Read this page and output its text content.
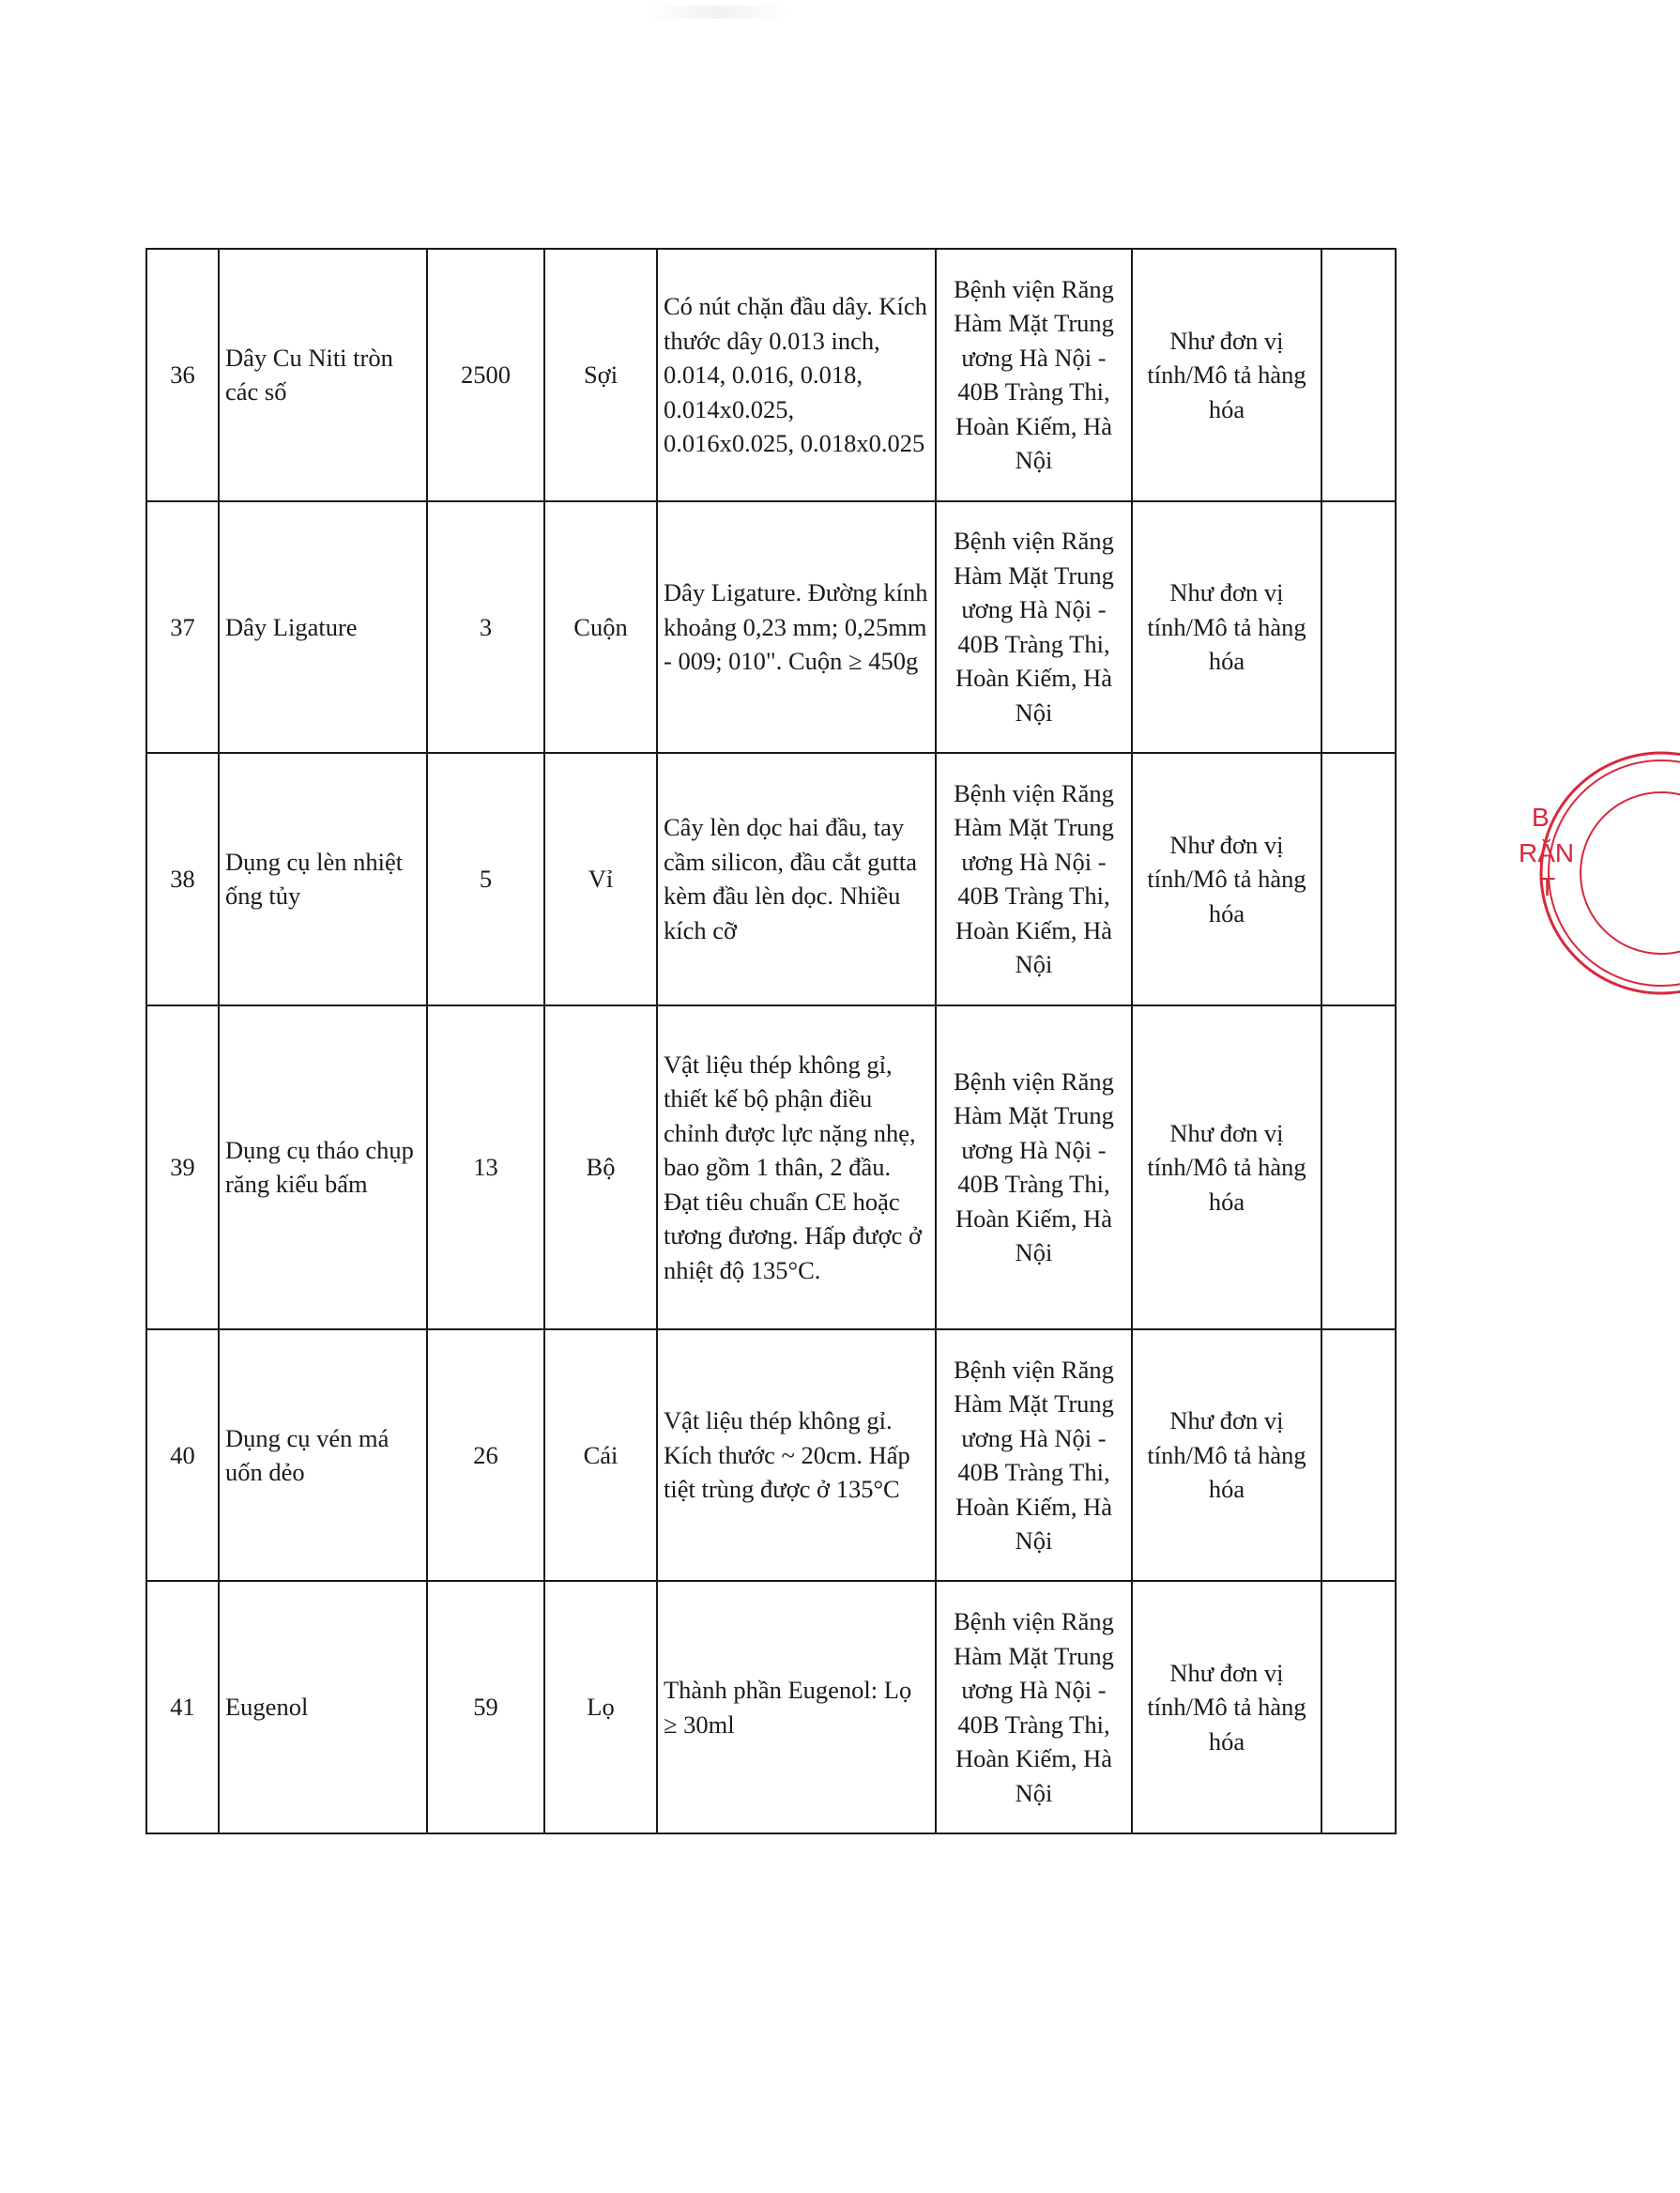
36	Dây Cu Niti tròn các số	2500	Sợi	Có nút chặn đầu dây. Kích thước dây 0.013 inch, 0.014, 0.016, 0.018, 0.014x0.025, 0.016x0.025, 0.018x0.025	Bệnh viện Răng Hàm Mặt Trung ương Hà Nội - 40B Tràng Thi, Hoàn Kiếm, Hà Nội	Như đơn vị tính/Mô tả hàng hóa	
37	Dây Ligature	3	Cuộn	Dây Ligature. Đường kính khoảng 0,23 mm; 0,25mm - 009; 010". Cuộn ≥ 450g	Bệnh viện Răng Hàm Mặt Trung ương Hà Nội - 40B Tràng Thi, Hoàn Kiếm, Hà Nội	Như đơn vị tính/Mô tả hàng hóa	
38	Dụng cụ lèn nhiệt ống tủy	5	Vỉ	Cây lèn dọc hai đầu, tay cầm silicon, đầu cắt gutta kèm đầu lèn dọc. Nhiều kích cỡ	Bệnh viện Răng Hàm Mặt Trung ương Hà Nội - 40B Tràng Thi, Hoàn Kiếm, Hà Nội	Như đơn vị tính/Mô tả hàng hóa	
39	Dụng cụ tháo chụp răng kiểu bấm	13	Bộ	Vật liệu thép không gỉ, thiết kế bộ phận điều chỉnh được lực nặng nhẹ, bao gồm 1 thân, 2 đầu. Đạt tiêu chuẩn CE hoặc tương đương. Hấp được ở nhiệt độ 135°C.	Bệnh viện Răng Hàm Mặt Trung ương Hà Nội - 40B Tràng Thi, Hoàn Kiếm, Hà Nội	Như đơn vị tính/Mô tả hàng hóa	
40	Dụng cụ vén má uốn dẻo	26	Cái	Vật liệu thép không gỉ. Kích thước ~ 20cm. Hấp tiệt trùng được ở 135°C	Bệnh viện Răng Hàm Mặt Trung ương Hà Nội - 40B Tràng Thi, Hoàn Kiếm, Hà Nội	Như đơn vị tính/Mô tả hàng hóa	
41	Eugenol	59	Lọ	Thành phần Eugenol: Lọ ≥ 30ml	Bệnh viện Răng Hàm Mặt Trung ương Hà Nội - 40B Tràng Thi, Hoàn Kiếm, Hà Nội	Như đơn vị tính/Mô tả hàng hóa	
B
RĂN
T
